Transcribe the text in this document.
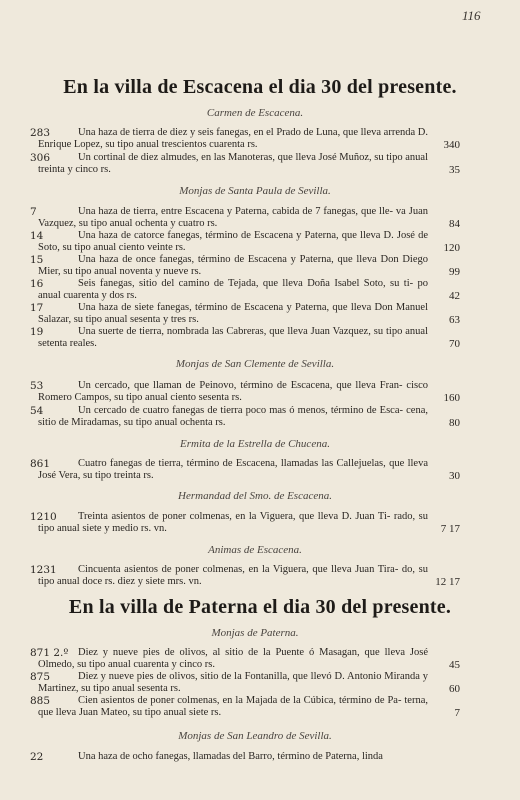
116
En la villa de Escacena el dia 30 del presente.
Carmen de Escacena.
283	Una haza de tierra de diez y seis fanegas, en el Prado de Luna, que lleva arrenda D. Enrique Lopez, su tipo anual trescientos cuarenta rs.	340
306	Un cortinal de diez almudes, en las Manoteras, que lleva José Muñoz, su tipo anual treinta y cinco rs.	35
Monjas de Santa Paula de Sevilla.
7	Una haza de tierra, entre Escacena y Paterna, cabida de 7 fanegas, que lle- va Juan Vazquez, su tipo anual ochenta y cuatro rs.	84
14	Una haza de catorce fanegas, término de Escacena y Paterna, que lleva D. José de Soto, su tipo anual ciento veinte rs.	120
15	Una haza de once fanegas, término de Escacena y Paterna, que lleva Don Diego Mier, su tipo anual noventa y nueve rs.	99
16	Seis fanegas, sitio del camino de Tejada, que lleva Doña Isabel Soto, su ti- po anual cuarenta y dos rs.	42
17	Una haza de siete fanegas, término de Escacena y Paterna, que lleva Don Manuel Salazar, su tipo anual sesenta y tres rs.	63
19	Una suerte de tierra, nombrada las Cabreras, que lleva Juan Vazquez, su tipo anual setenta reales.	70
Monjas de San Clemente de Sevilla.
53	Un cercado, que llaman de Peinovo, término de Escacena, que lleva Fran- cisco Romero Campos, su tipo anual ciento sesenta rs.	160
54	Un cercado de cuatro fanegas de tierra poco mas ó menos, término de Esca- cena, sitio de Miradamas, su tipo anual ochenta rs.	80
Ermita de la Estrella de Chucena.
861	Cuatro fanegas de tierra, término de Escacena, llamadas las Callejuelas, que lleva José Vera, su tipo treinta rs.	30
Hermandad del Smo. de Escacena.
1210	Treinta asientos de poner colmenas, en la Viguera, que lleva D. Juan Ti- rado, su tipo anual siete y medio rs. vn.	7 17
Animas de Escacena.
1231	Cincuenta asientos de poner colmenas, en la Viguera, que lleva Juan Tira- do, su tipo anual doce rs. diez y siete mrs. vn.	12 17
En la villa de Paterna el dia 30 del presente.
Monjas de Paterna.
871 2.º Diez y nueve pies de olivos, al sitio de la Puente ó Masagan, que lleva José Olmedo, su tipo anual cuarenta y cinco rs.	45
875	Diez y nueve pies de olivos, sitio de la Fontanilla, que llevó D. Antonio Miranda y Martinez, su tipo anual sesenta rs.	60
885	Cien asientos de poner colmenas, en la Majada de la Cúbica, término de Pa- terna, que lleva Juan Mateo, su tipo anual siete rs.	7
Monjas de San Leandro de Sevilla.
22	Una haza de ocho fanegas, llamadas del Barro, término de Paterna, linda
